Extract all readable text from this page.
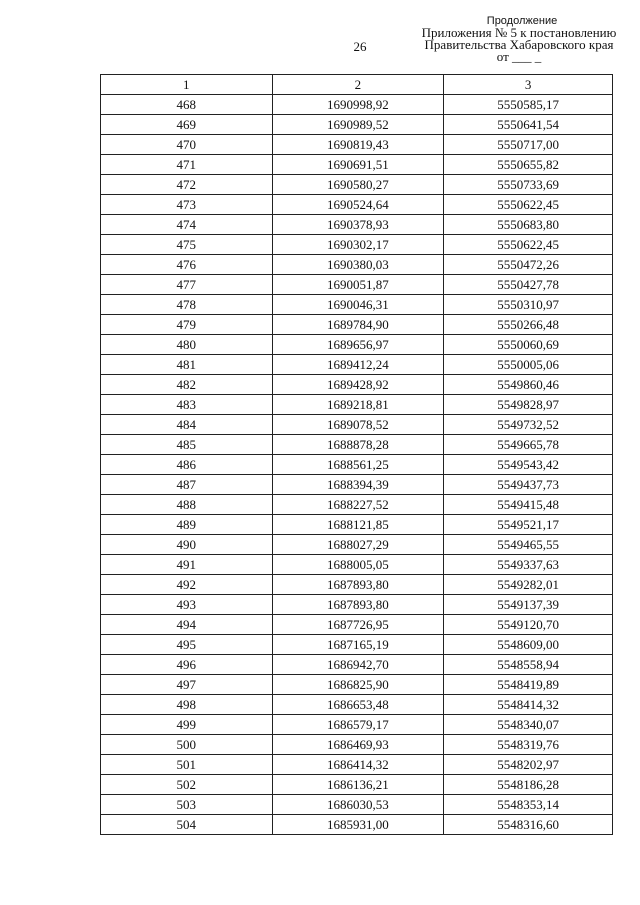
26
Продолжение
Приложения № 5 к постановлению
Правительства Хабаровского края
от ___ _
1	2	3
468	1690998,92	5550585,17
469	1690989,52	5550641,54
470	1690819,43	5550717,00
471	1690691,51	5550655,82
472	1690580,27	5550733,69
473	1690524,64	5550622,45
474	1690378,93	5550683,80
475	1690302,17	5550622,45
476	1690380,03	5550472,26
477	1690051,87	5550427,78
478	1690046,31	5550310,97
479	1689784,90	5550266,48
480	1689656,97	5550060,69
481	1689412,24	5550005,06
482	1689428,92	5549860,46
483	1689218,81	5549828,97
484	1689078,52	5549732,52
485	1688878,28	5549665,78
486	1688561,25	5549543,42
487	1688394,39	5549437,73
488	1688227,52	5549415,48
489	1688121,85	5549521,17
490	1688027,29	5549465,55
491	1688005,05	5549337,63
492	1687893,80	5549282,01
493	1687893,80	5549137,39
494	1687726,95	5549120,70
495	1687165,19	5548609,00
496	1686942,70	5548558,94
497	1686825,90	5548419,89
498	1686653,48	5548414,32
499	1686579,17	5548340,07
500	1686469,93	5548319,76
501	1686414,32	5548202,97
502	1686136,21	5548186,28
503	1686030,53	5548353,14
504	1685931,00	5548316,60
